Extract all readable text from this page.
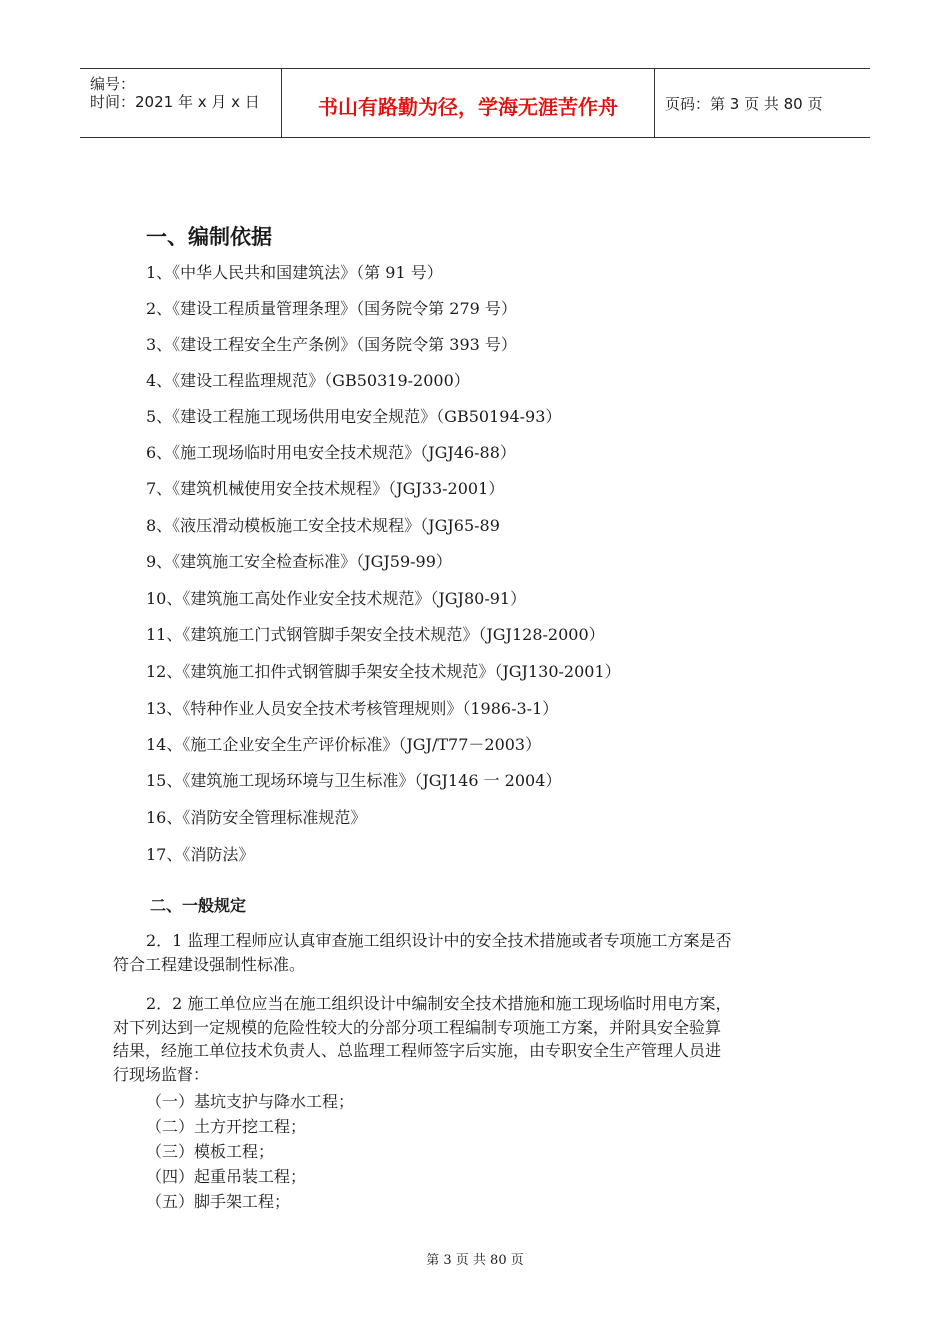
编号：
时间：2021 年 x 月 x 日	书山有路勤为径，学海无涯苦作舟	页码：第 3 页 共 80 页
一、编制依据
1、《中华人民共和国建筑法》（第 91 号）
2、《建设工程质量管理条理》（国务院令第 279 号）
3、《建设工程安全生产条例》（国务院令第 393 号）
4、《建设工程监理规范》（GB50319-2000）
5、《建设工程施工现场供用电安全规范》（GB50194-93）
6、《施工现场临时用电安全技术规范》（JGJ46-88）
7、《建筑机械使用安全技术规程》（JGJ33-2001）
8、《液压滑动模板施工安全技术规程》（JGJ65-89
9、《建筑施工安全检查标准》（JGJ59-99）
10、《建筑施工高处作业安全技术规范》（JGJ80-91）
11、《建筑施工门式钢管脚手架安全技术规范》（JGJ128-2000）
12、《建筑施工扣件式钢管脚手架安全技术规范》（JGJ130-2001）
13、《特种作业人员安全技术考核管理规则》（1986-3-1）
14、《施工企业安全生产评价标准》（JGJ/T77－2003）
15、《建筑施工现场环境与卫生标准》（JGJ146 一 2004）
16、《消防安全管理标准规范》
17、《消防法》
二、一般规定
2．1 监理工程师应认真审查施工组织设计中的安全技术措施或者专项施工方案是否
符合工程建设强制性标准。
2．2 施工单位应当在施工组织设计中编制安全技术措施和施工现场临时用电方案，
对下列达到一定规模的危险性较大的分部分项工程编制专项施工方案，并附具安全验算
结果，经施工单位技术负责人、总监理工程师签字后实施，由专职安全生产管理人员进
行现场监督：
（一）基坑支护与降水工程；
（二）土方开挖工程；
（三）模板工程；
（四）起重吊装工程；
（五）脚手架工程；
第 3 页 共 80 页
